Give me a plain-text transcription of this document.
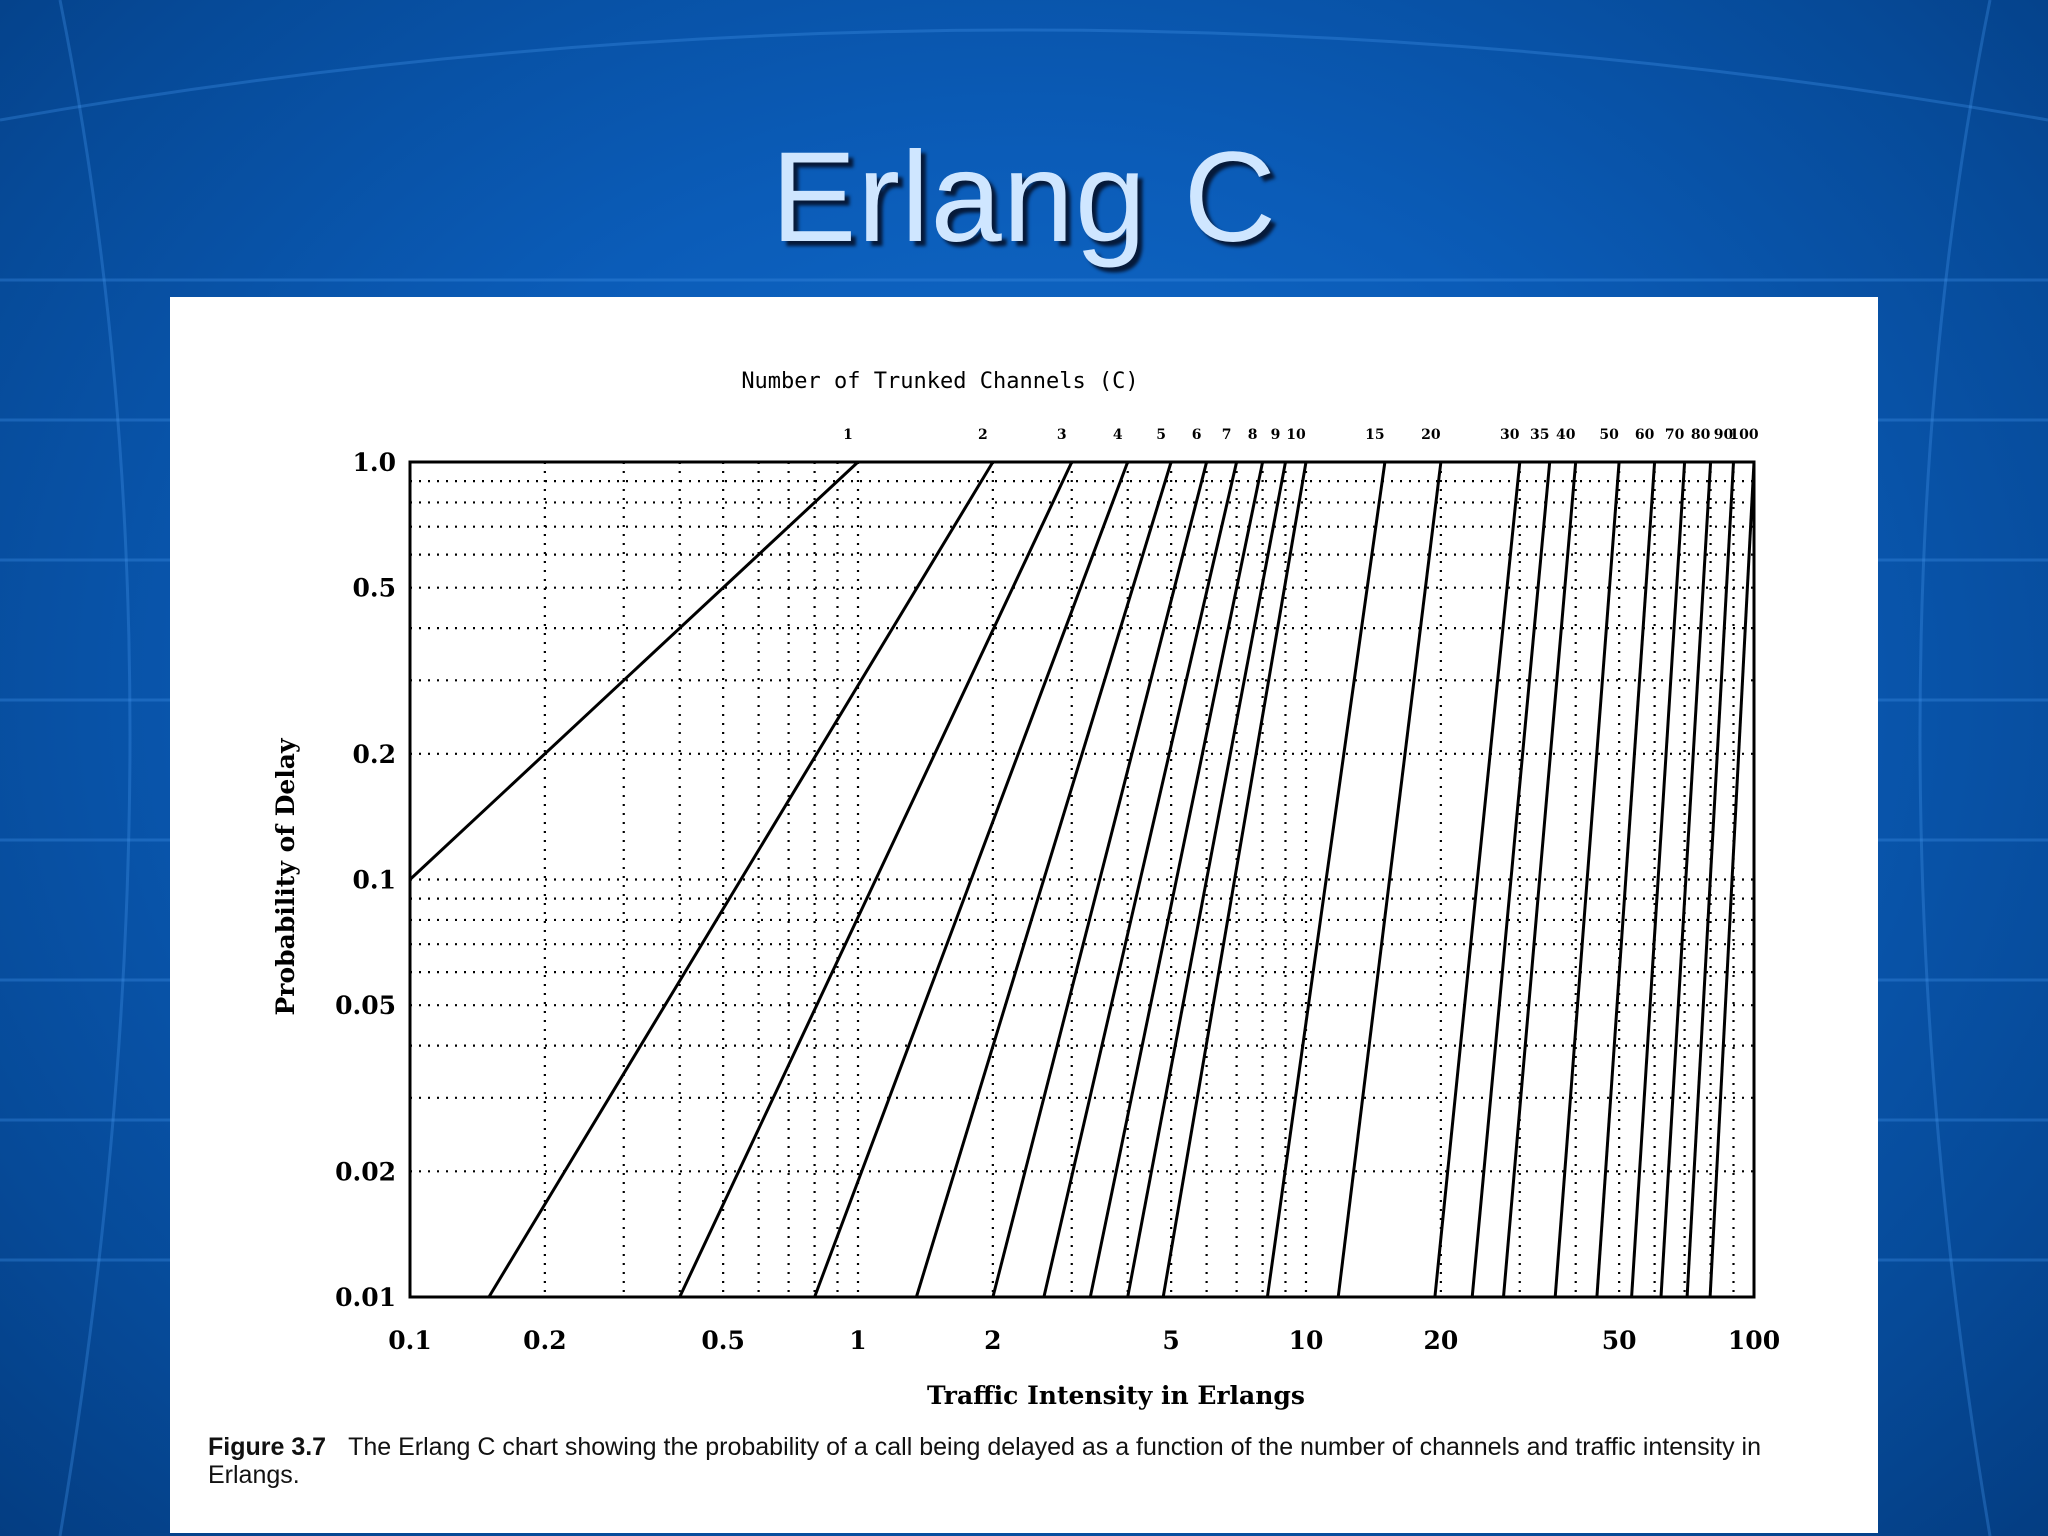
Erlang C
1	2	3	4 5 6 7 8 9 10	15	20	30 35 40 50 60 70 80 90
100
1.0
0.5
0.2
0.1
0.05
0.02
0.01
0.1	0.2	0.5	1	2	5	10	20	50	100
Number of Trunked Channels (C)
Traffic Intensity in Erlangs
Probability of Delay
Figure 3.7 The Erlang C chart showing the probability of a call being delayed as a function of the number of channels and traffic intensity in Erlangs.
